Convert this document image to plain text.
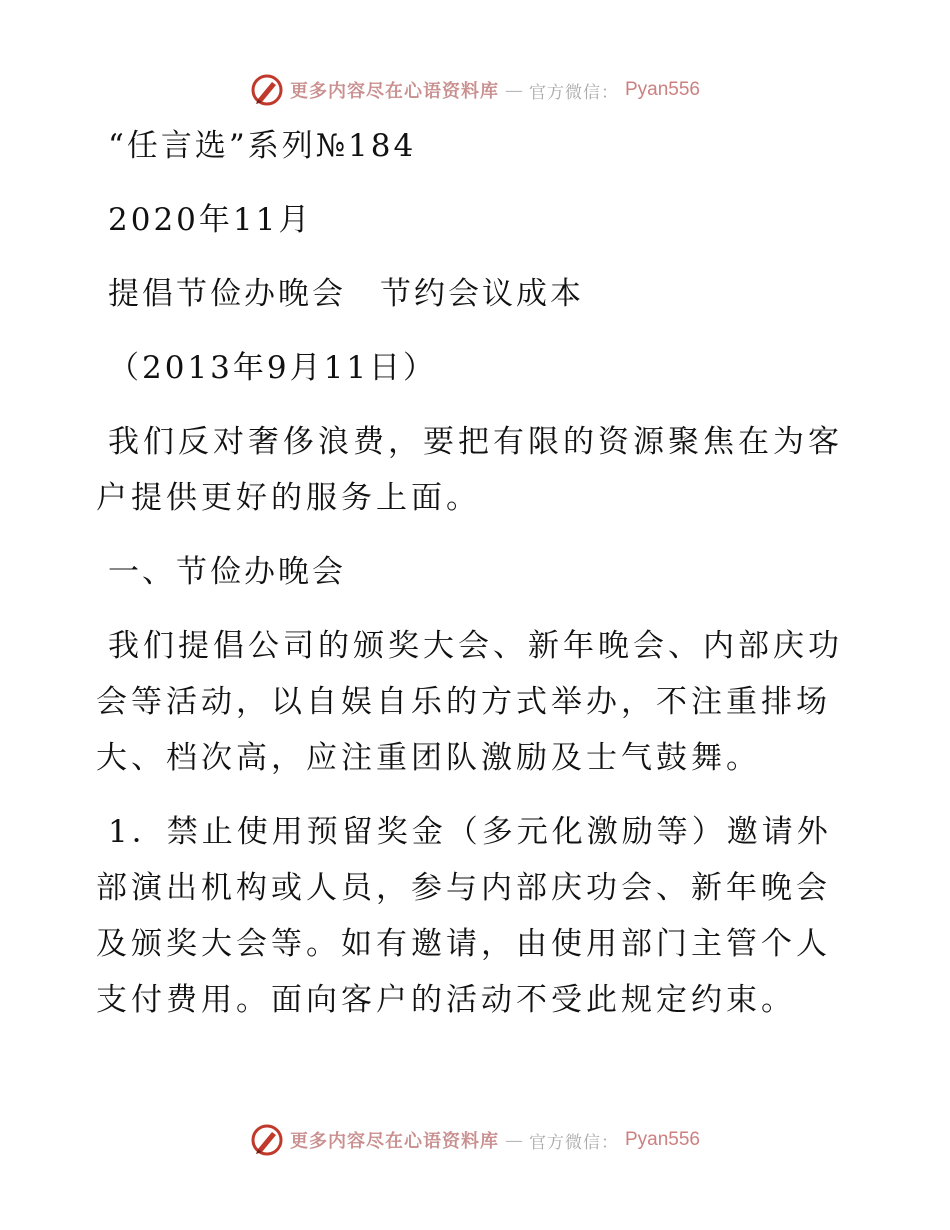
更多内容尽在心语资料库 — 官方微信： Pyan556
“任言选”系列№184
2020年11月
提倡节俭办晚会　节约会议成本
（2013年9月11日）

我们反对奢侈浪费，要把有限的资源聚焦在为客户提供更好的服务上面。

一、节俭办晚会

我们提倡公司的颁奖大会、新年晚会、内部庆功会等活动，以自娱自乐的方式举办，不注重排场大、档次高，应注重团队激励及士气鼓舞。

1．禁止使用预留奖金（多元化激励等）邀请外部演出机构或人员，参与内部庆功会、新年晚会及颁奖大会等。如有邀请，由使用部门主管个人支付费用。面向客户的活动不受此规定约束。

更多内容尽在心语资料库 — 官方微信： Pyan556
